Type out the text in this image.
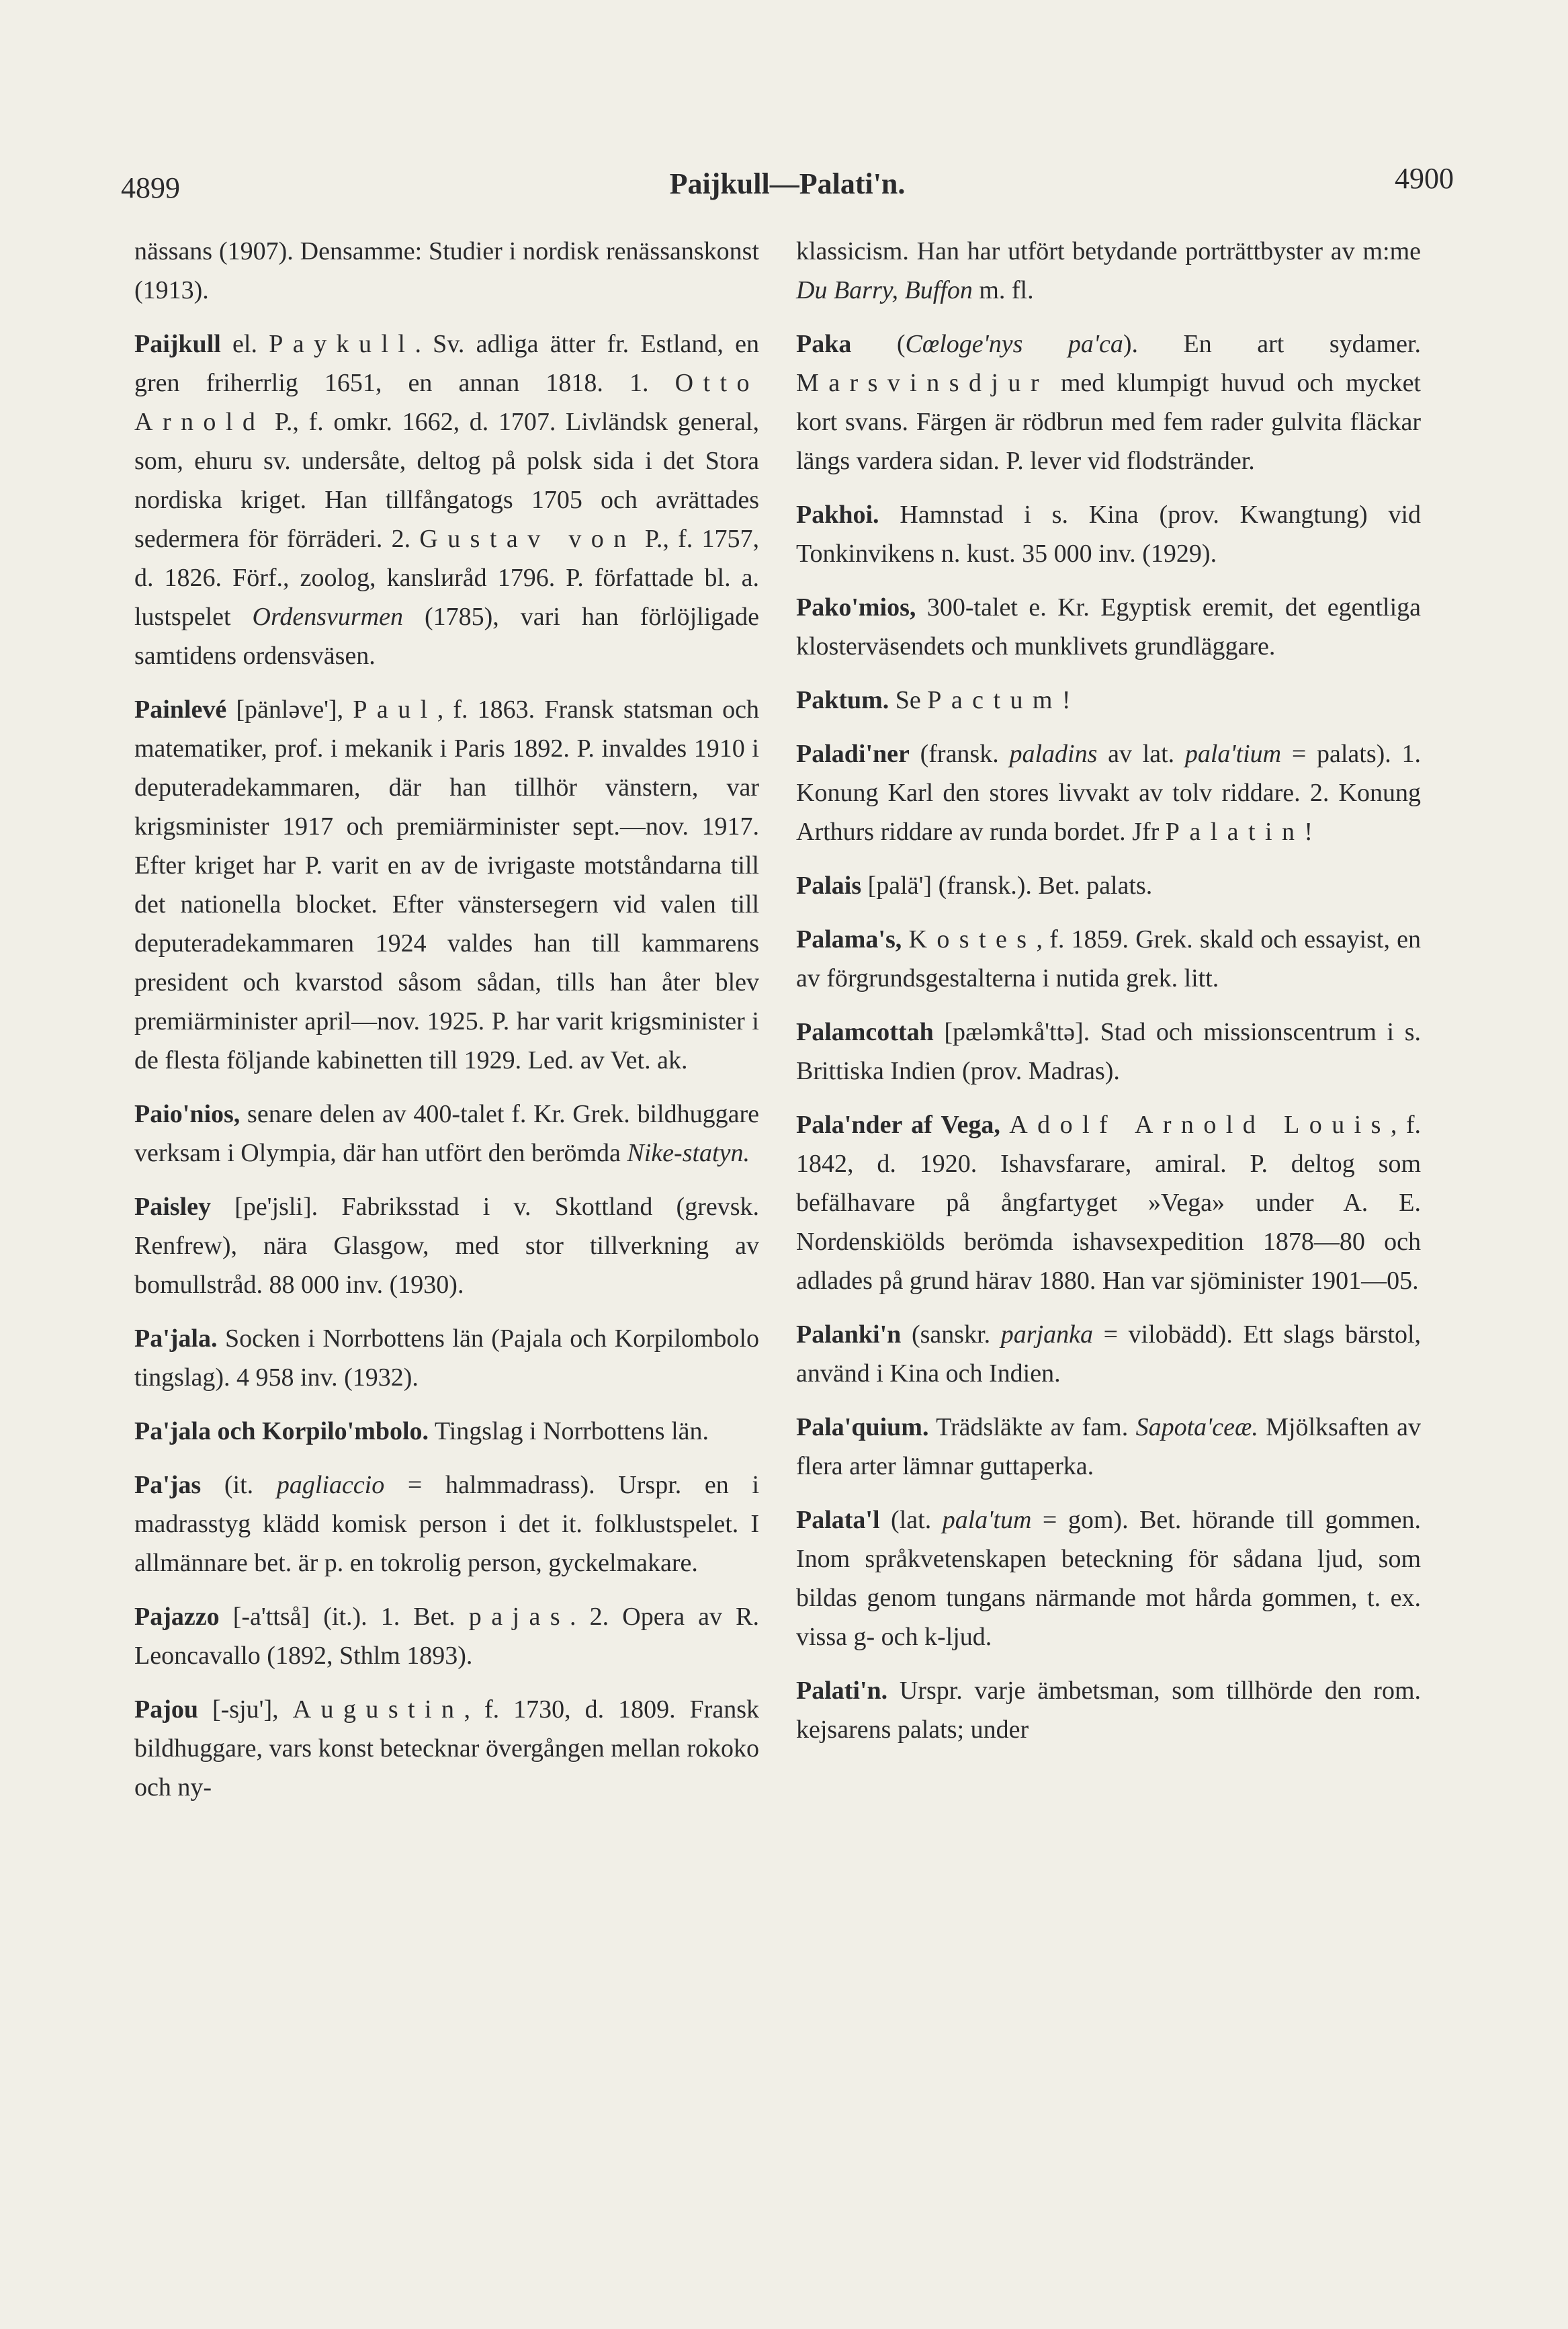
4899	Paijkull—Palati'n.	4900

nässans (1907). Densamme: Studier i nordisk renässanskonst (1913).

Paijkull el. Paykull. Sv. adliga ätter fr. Estland, en gren friherrlig 1651, en annan 1818. 1. Otto Arnold P., f. omkr. 1662, d. 1707. Livländsk general, som, ehuru sv. undersåte, deltog på polsk sida i det Stora nordiska kriget. Han tillfångatogs 1705 och avrättades sedermera för förräderi. 2. Gustav von P., f. 1757, d. 1826. Förf., zoolog, kanslиråd 1796. P. författade bl. a. lustspelet Ordensvurmen (1785), vari han förlöjligade samtidens ordensväsen.

Painlevé [pänləve'], Paul, f. 1863. Fransk statsman och matematiker, prof. i mekanik i Paris 1892. P. invaldes 1910 i deputeradekammaren, där han tillhör vänstern, var krigsminister 1917 och premiärminister sept.—nov. 1917. Efter kriget har P. varit en av de ivrigaste motståndarna till det nationella blocket. Efter vänstersegern vid valen till deputeradekammaren 1924 valdes han till kammarens president och kvarstod såsom sådan, tills han åter blev premiärminister april—nov. 1925. P. har varit krigsminister i de flesta följande kabinetten till 1929. Led. av Vet. ak.

Paio'nios, senare delen av 400-talet f. Kr. Grek. bildhuggare verksam i Olympia, där han utfört den berömda Nike-statyn.

Paisley [pe'jsli]. Fabriksstad i v. Skottland (grevsk. Renfrew), nära Glasgow, med stor tillverkning av bomullstråd. 88 000 inv. (1930).

Pa'jala. Socken i Norrbottens län (Pajala och Korpilombolo tingslag). 4 958 inv. (1932).

Pa'jala och Korpilo'mbolo. Tingslag i Norrbottens län.

Pa'jas (it. pagliaccio = halmmadrass). Urspr. en i madrasstyg klädd komisk person i det it. folklustspelet. I allmännare bet. är p. en tokrolig person, gyckelmakare.

Pajazzo [-a'ttså] (it.). 1. Bet. pajas. 2. Opera av R. Leoncavallo (1892, Sthlm 1893).

Pajou [-sju'], Augustin, f. 1730, d. 1809. Fransk bildhuggare, vars konst betecknar övergången mellan rokoko och ny-

klassicism. Han har utfört betydande porträttbyster av m:me Du Barry, Buffon m. fl.

Paka (Cœloge'nys pa'ca). En art sydamer. Marsvinsdjur med klumpigt huvud och mycket kort svans. Färgen är rödbrun med fem rader gulvita fläckar längs vardera sidan. P. lever vid flodstränder.

Pakhoi. Hamnstad i s. Kina (prov. Kwangtung) vid Tonkinvikens n. kust. 35 000 inv. (1929).

Pako'mios, 300-talet e. Kr. Egyptisk eremit, det egentliga klosterväsendets och munklivets grundläggare.

Paktum. Se Pactum!

Paladi'ner (fransk. paladins av lat. pala'tium = palats). 1. Konung Karl den stores livvakt av tolv riddare. 2. Konung Arthurs riddare av runda bordet. Jfr Palatin!

Palais [palä'] (fransk.). Bet. palats.

Palama's, Kostes, f. 1859. Grek. skald och essayist, en av förgrundsgestalterna i nutida grek. litt.

Palamcottah [pæləmkå'ttə]. Stad och missionscentrum i s. Brittiska Indien (prov. Madras).

Pala'nder af Vega, Adolf Arnold Louis, f. 1842, d. 1920. Ishavsfarare, amiral. P. deltog som befälhavare på ångfartyget »Vega» under A. E. Nordenskiölds berömda ishavsexpedition 1878—80 och adlades på grund härav 1880. Han var sjöminister 1901—05.

Palanki'n (sanskr. parjanka = vilobädd). Ett slags bärstol, använd i Kina och Indien.

Pala'quium. Trädsläkte av fam. Sapota'ceæ. Mjölksaften av flera arter lämnar guttaperka.

Palata'l (lat. pala'tum = gom). Bet. hörande till gommen. Inom språkvetenskapen beteckning för sådana ljud, som bildas genom tungans närmande mot hårda gommen, t. ex. vissa g- och k-ljud.

Palati'n. Urspr. varje ämbetsman, som tillhörde den rom. kejsarens palats; under
